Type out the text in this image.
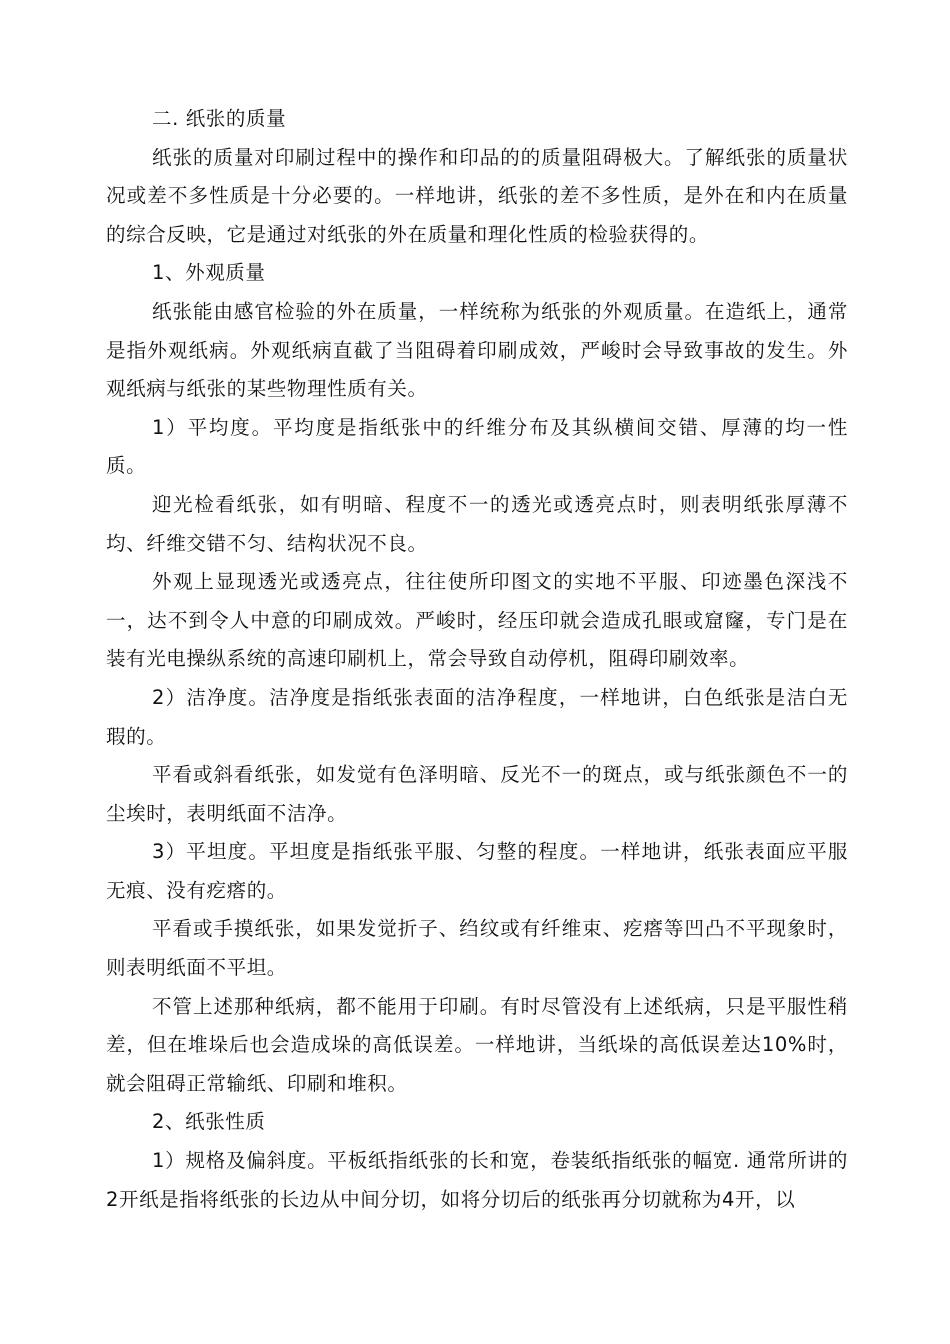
二. 纸张的质量

纸张的质量对印刷过程中的操作和印品的的质量阻碍极大。了解纸张的质量状况或差不多性质是十分必要的。一样地讲，纸张的差不多性质，是外在和内在质量的综合反映，它是通过对纸张的外在质量和理化性质的检验获得的。

1、外观质量

纸张能由感官检验的外在质量，一样统称为纸张的外观质量。在造纸上，通常是指外观纸病。外观纸病直截了当阻碍着印刷成效，严峻时会导致事故的发生。外观纸病与纸张的某些物理性质有关。

1）平均度。平均度是指纸张中的纤维分布及其纵横间交错、厚薄的均一性质。

迎光检看纸张，如有明暗、程度不一的透光或透亮点时，则表明纸张厚薄不均、纤维交错不匀、结构状况不良。

外观上显现透光或透亮点，往往使所印图文的实地不平服、印迹墨色深浅不一，达不到令人中意的印刷成效。严峻时，经压印就会造成孔眼或窟窿，专门是在装有光电操纵系统的高速印刷机上，常会导致自动停机，阻碍印刷效率。

2）洁净度。洁净度是指纸张表面的洁净程度，一样地讲，白色纸张是洁白无瑕的。

平看或斜看纸张，如发觉有色泽明暗、反光不一的斑点，或与纸张颜色不一的尘埃时，表明纸面不洁净。

3）平坦度。平坦度是指纸张平服、匀整的程度。一样地讲，纸张表面应平服无痕、没有疙瘩的。

平看或手摸纸张，如果发觉折子、绉纹或有纤维束、疙瘩等凹凸不平现象时，则表明纸面不平坦。

不管上述那种纸病，都不能用于印刷。有时尽管没有上述纸病，只是平服性稍差，但在堆垛后也会造成垛的高低误差。一样地讲，当纸垛的高低误差达10%时，就会阻碍正常输纸、印刷和堆积。

2、纸张性质

1）规格及偏斜度。平板纸指纸张的长和宽，卷装纸指纸张的幅宽. 通常所讲的2开纸是指将纸张的长边从中间分切，如将分切后的纸张再分切就称为4开，以
